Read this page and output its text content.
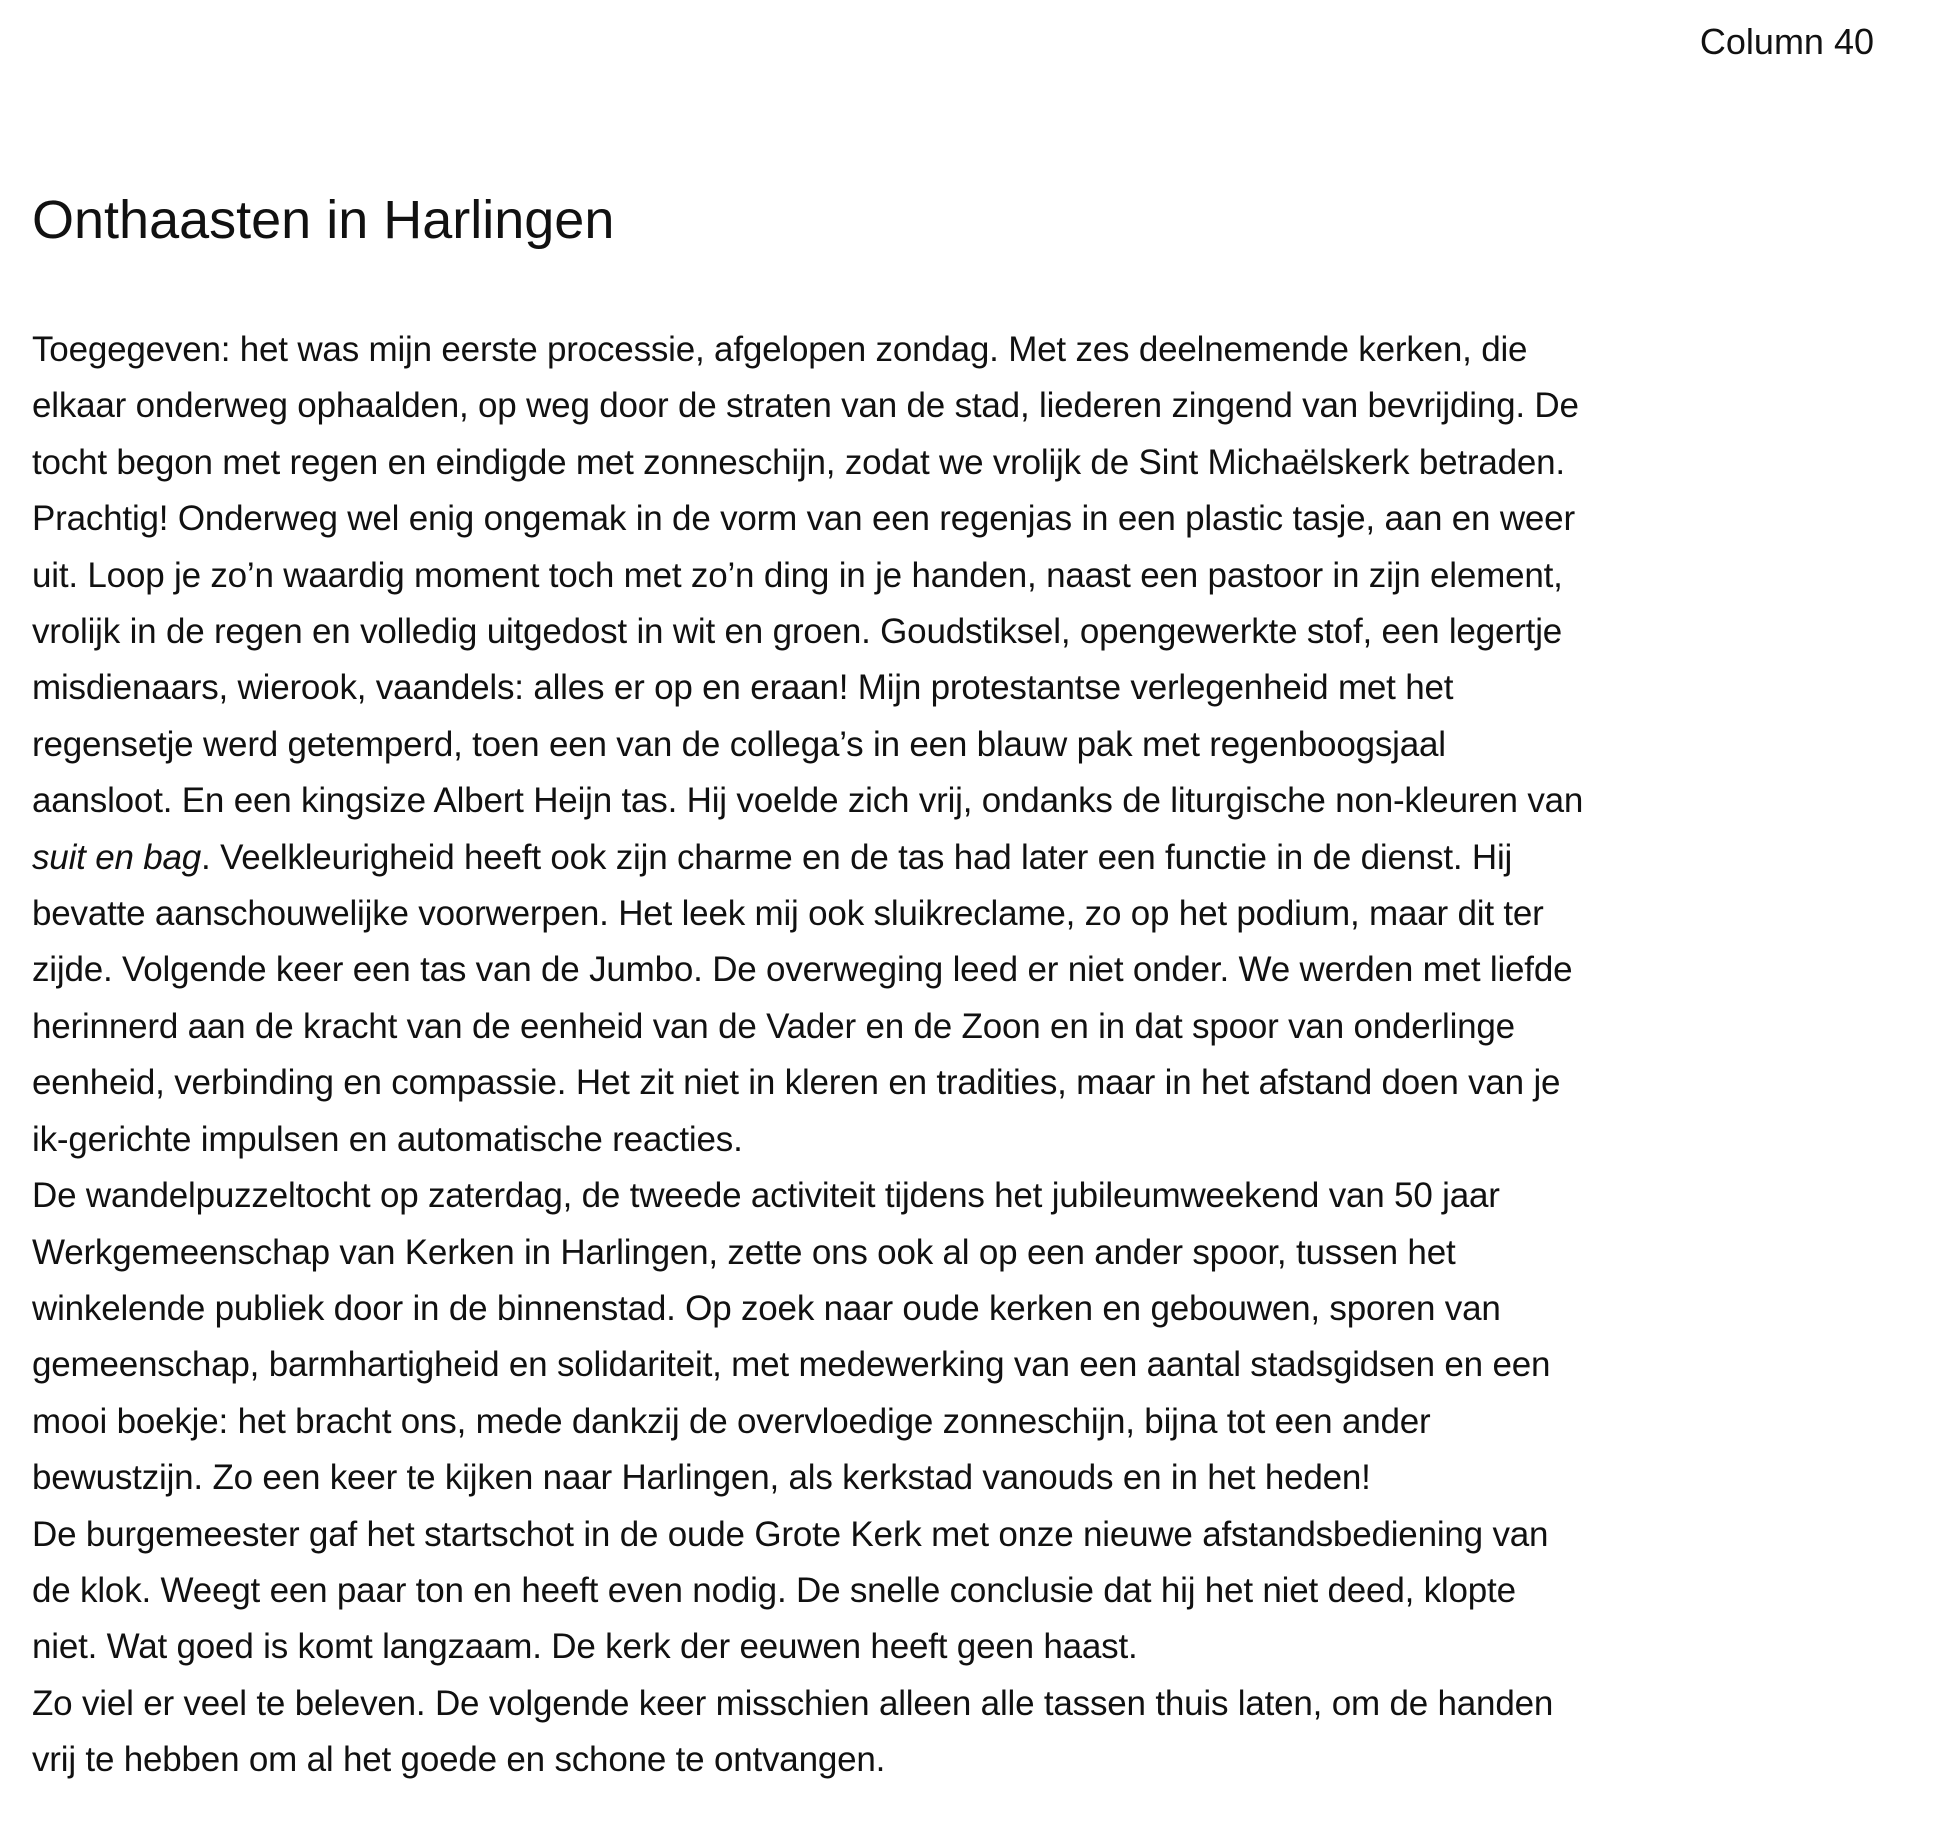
Column 40
Onthaasten in Harlingen
Toegegeven: het was mijn eerste processie, afgelopen zondag. Met zes deelnemende kerken, die
elkaar onderweg ophaalden, op weg door de straten van de stad, liederen zingend van bevrijding. De
tocht begon met regen en eindigde met zonneschijn, zodat we vrolijk de Sint Michaëlskerk betraden.
Prachtig! Onderweg wel enig ongemak in de vorm van een regenjas in een plastic tasje, aan en weer
uit. Loop je zo’n waardig moment toch met zo’n ding in je handen, naast een pastoor in zijn element,
vrolijk in de regen en volledig uitgedost in wit en groen. Goudstiksel, opengewerkte stof, een legertje
misdienaars, wierook, vaandels: alles er op en eraan! Mijn protestantse verlegenheid met het
regensetje werd getemperd, toen een van de collega’s in een blauw pak met regenboogsjaal
aansloot. En een kingsize Albert Heijn tas. Hij voelde zich vrij, ondanks de liturgische non-kleuren van
suit en bag. Veelkleurigheid heeft ook zijn charme en de tas had later een functie in de dienst. Hij
bevatte aanschouwelijke voorwerpen. Het leek mij ook sluikreclame, zo op het podium, maar dit ter
zijde. Volgende keer een tas van de Jumbo. De overweging leed er niet onder. We werden met liefde
herinnerd aan de kracht van de eenheid van de Vader en de Zoon en in dat spoor van onderlinge
eenheid, verbinding en compassie. Het zit niet in kleren en tradities, maar in het afstand doen van je
ik-gerichte impulsen en automatische reacties.
De wandelpuzzeltocht op zaterdag, de tweede activiteit tijdens het jubileumweekend van 50 jaar
Werkgemeenschap van Kerken in Harlingen, zette ons ook al op een ander spoor, tussen het
winkelende publiek door in de binnenstad. Op zoek naar oude kerken en gebouwen, sporen van
gemeenschap, barmhartigheid en solidariteit, met medewerking van een aantal stadsgidsen en een
mooi boekje: het bracht ons, mede dankzij de overvloedige zonneschijn, bijna tot een ander
bewustzijn. Zo een keer te kijken naar Harlingen, als kerkstad vanouds en in het heden!
De burgemeester gaf het startschot in de oude Grote Kerk met onze nieuwe afstandsbediening van
de klok. Weegt een paar ton en heeft even nodig. De snelle conclusie dat hij het niet deed, klopte
niet. Wat goed is komt langzaam. De kerk der eeuwen heeft geen haast.
Zo viel er veel te beleven. De volgende keer misschien alleen alle tassen thuis laten, om de handen
vrij te hebben om al het goede en schone te ontvangen.
